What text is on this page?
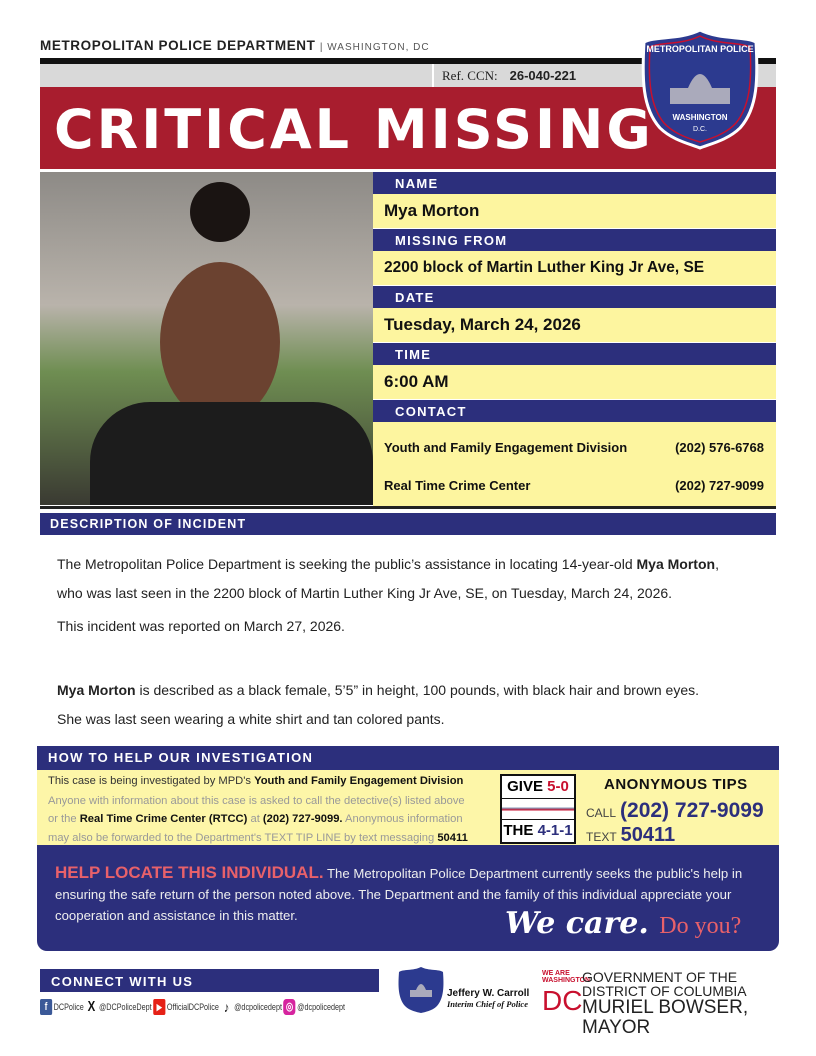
METROPOLITAN POLICE DEPARTMENT | WASHINGTON, DC
Ref. CCN: 26-040-221
CRITICAL MISSING
METROPOLITAN POLICE
WASHINGTON
D.C.
NAME
Mya Morton
MISSING FROM
2200 block of Martin Luther King Jr Ave, SE
DATE
Tuesday, March 24, 2026
TIME
6:00 AM
CONTACT
Youth and Family Engagement Division	(202) 576-6768
Real Time Crime Center	(202) 727-9099
DESCRIPTION OF INCIDENT

The Metropolitan Police Department is seeking the public’s assistance in locating 14-year-old Mya Morton,

who was last seen in the 2200 block of Martin Luther King Jr Ave, SE, on Tuesday, March 24, 2026.

This incident was reported on March 27, 2026.

Mya Morton is described as a black female, 5’5” in height, 100 pounds, with black hair and brown eyes.

She was last seen wearing a white shirt and tan colored pants.

HOW TO HELP OUR INVESTIGATION
This case is being investigated by MPD's Youth and Family Engagement Division
Anyone with information about this case is asked to call the detective(s) listed above
or the Real Time Crime Center (RTCC) at (202) 727-9099. Anonymous information
may also be forwarded to the Department's TEXT TIP LINE by text messaging 50411
GIVE 5-0
THE 4-1-1
ANONYMOUS TIPS
CALL (202) 727-9099
TEXT 50411
HELP LOCATE THIS INDIVIDUAL. The Metropolitan Police Department currently seeks the public's help in ensuring the safe return of the person noted above. The Department and the family of this individual appreciate your cooperation and assistance in this matter.	We care. Do you?
CONNECT WITH US
f DCPolice X @DCPoliceDept ▶ OfficialDCPolice ♪ @dcpolicedept ◎ @dcpolicedept
Jeffery W. Carroll
Interim Chief of Police
WE ARE WASHINGTON
DC
GOVERNMENT OF THE
DISTRICT OF COLUMBIA
MURIEL BOWSER, MAYOR
